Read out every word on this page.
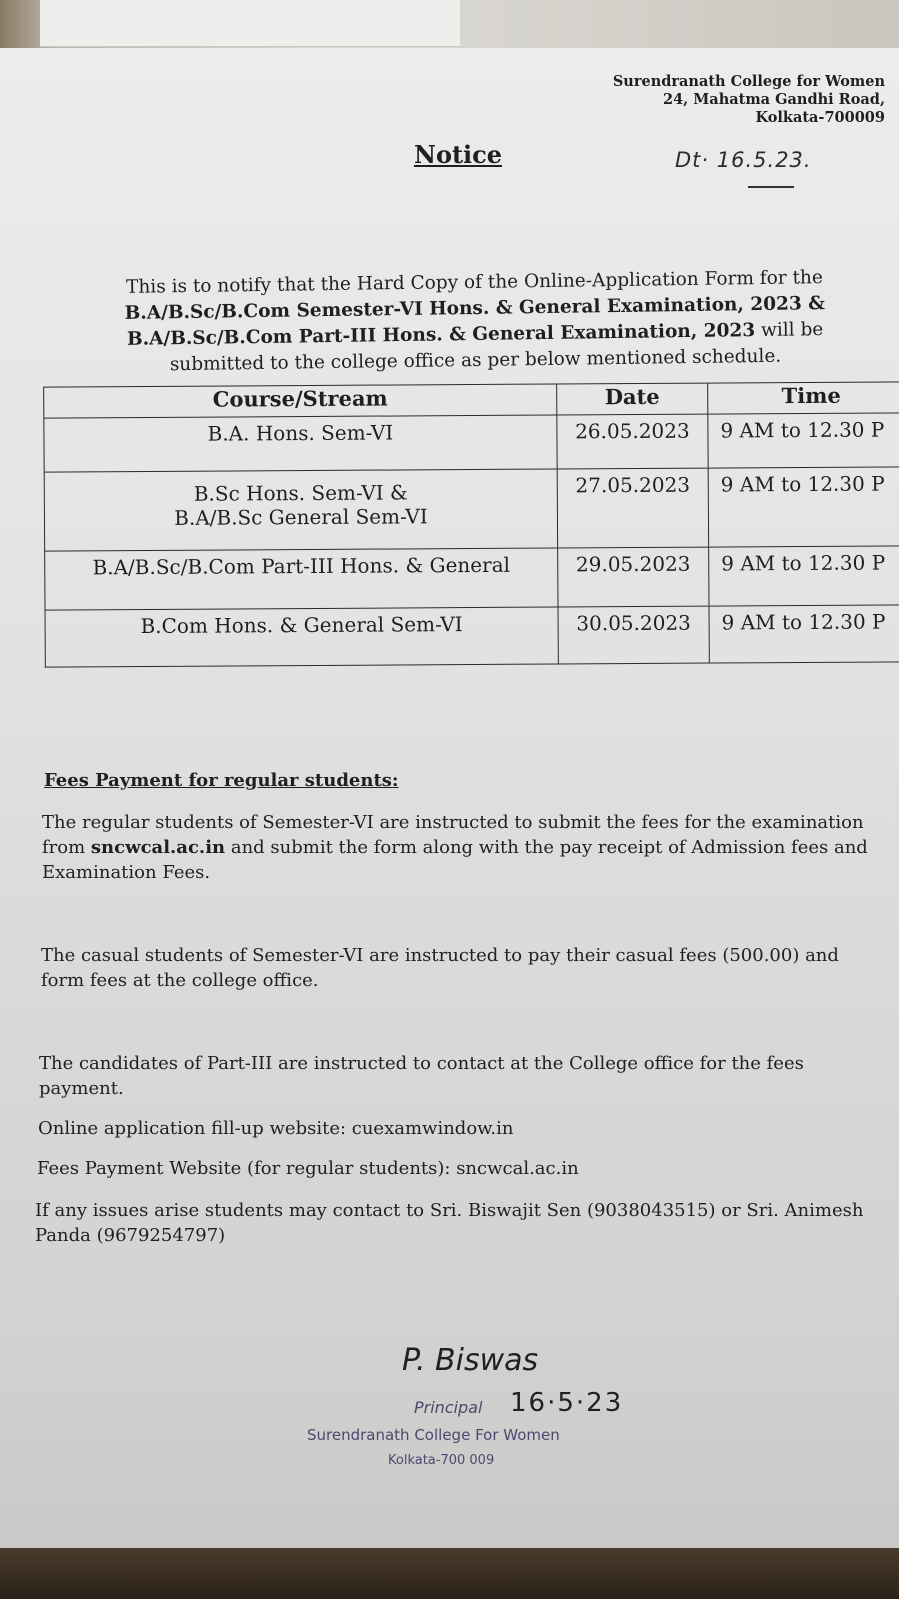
Surendranath College for Women
24, Mahatma Gandhi Road,
Kolkata-700009
Notice	Dt· 16.5.23.
This is to notify that the Hard Copy of the Online-Application Form for the
B.A/B.Sc/B.Com Semester-VI Hons. & General Examination, 2023 &
B.A/B.Sc/B.Com Part-III Hons. & General Examination, 2023 will be
submitted to the college office as per below mentioned schedule.
Course/Stream	Date	Time

B.A. Hons. Sem-VI	26.05.2023	9 AM to 12.30 P

B.Sc Hons. Sem-VI &
B.A/B.Sc General Sem-VI	27.05.2023	9 AM to 12.30 P

B.A/B.Sc/B.Com Part-III Hons. & General	29.05.2023	9 AM to 12.30 P

B.Com Hons. & General Sem-VI	30.05.2023	9 AM to 12.30 P
Fees Payment for regular students:
The regular students of Semester-VI are instructed to submit the fees for the examination from sncwcal.ac.in and submit the form along with the pay receipt of Admission fees and Examination Fees.
The casual students of Semester-VI are instructed to pay their casual fees (500.00) and form fees at the college office.
The candidates of Part-III are instructed to contact at the College office for the fees payment.
Online application fill-up website: cuexamwindow.in
Fees Payment Website (for regular students): sncwcal.ac.in
If any issues arise students may contact to Sri. Biswajit Sen (9038043515) or Sri. Animesh Panda (9679254797)
P. Biswas
16·5·23
Principal
Surendranath College For Women
Kolkata-700 009
